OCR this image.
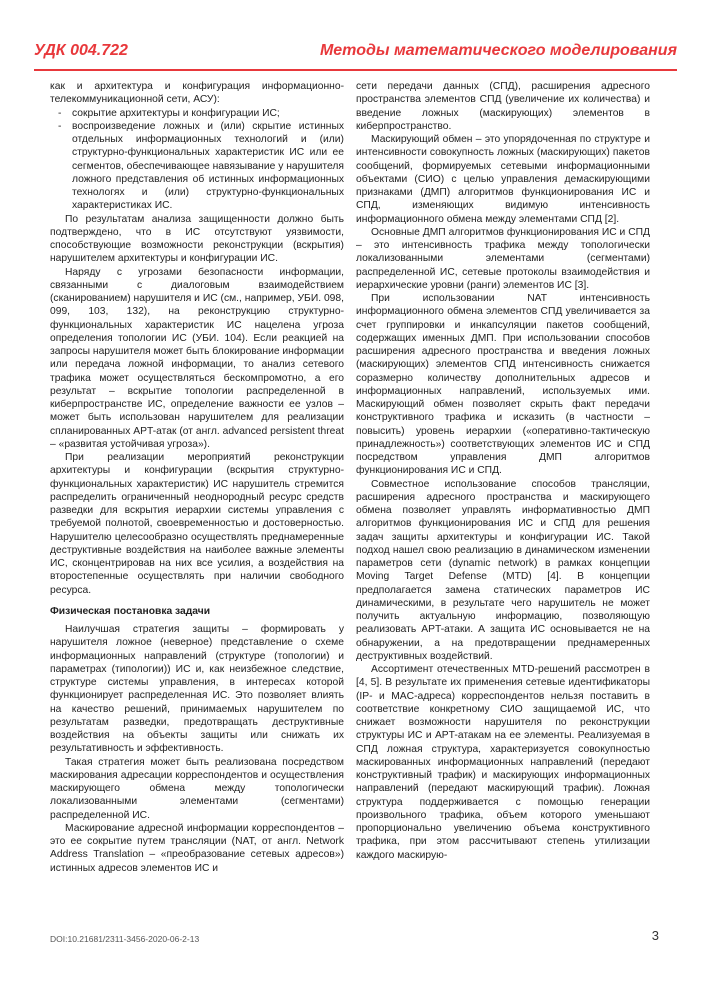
УДК 004.722	Методы математического моделирования

как и архитектура и конфигурация информационно-телекоммуникационной сети, АСУ):

- сокрытие архитектуры и конфигурации ИС;
- воспроизведение ложных и (или) скрытие истинных отдельных информационных технологий и (или) структурно-функциональных характеристик ИС или ее сегментов, обеспечивающее навязывание у нарушителя ложного представления об истинных информационных технологях и (или) структурно-функциональных характеристиках ИС.

По результатам анализа защищенности должно быть подтверждено, что в ИС отсутствуют уязвимости, способствующие возможности реконструкции (вскрытия) нарушителем архитектуры и конфигурации ИС.

Наряду с угрозами безопасности информации, связанными с диалоговым взаимодействием (сканированием) нарушителя и ИС (см., например, УБИ. 098, 099, 103, 132), на реконструкцию структурно-функциональных характеристик ИС нацелена угроза определения топологии ИС (УБИ. 104). Если реакцией на запросы нарушителя может быть блокирование информации или передача ложной информации, то анализ сетевого трафика может осуществляться бескомпромотно, а его результат – вскрытие топологии распределенной в киберпространстве ИС, определение важности ее узлов – может быть использован нарушителем для реализации спланированных APT-атак (от англ. advanced persistent threat – «развитая устойчивая угроза»).

При реализации мероприятий реконструкции архитектуры и конфигурации (вскрытия структурно-функциональных характеристик) ИС нарушитель стремится распределить ограниченный неоднородный ресурс средств разведки для вскрытия иерархии системы управления с требуемой полнотой, своевременностью и достоверностью. Нарушителю целесообразно осуществлять преднамеренные деструктивные воздействия на наиболее важные элементы ИС, сконцентрировав на них все усилия, а воздействия на второстепенные осуществлять при наличии свободного ресурса.

Физическая постановка задачи

Наилучшая стратегия защиты – формировать у нарушителя ложное (неверное) представление о схеме информационных направлений (структуре (топологии) и параметрах (типологии)) ИС и, как неизбежное следствие, структуре системы управления, в интересах которой функционирует распределенная ИС. Это позволяет влиять на качество решений, принимаемых нарушителем по результатам разведки, предотвращать деструктивные воздействия на объекты защиты или снижать их результативность и эффективность.

Такая стратегия может быть реализована посредством маскирования адресации корреспондентов и осуществления маскирующего обмена между топологически локализованными элементами (сегментами) распределенной ИС.

Маскирование адресной информации корреспондентов – это ее сокрытие путем трансляции (NAT, от англ. Network Address Translation – «преобразование сетевых адресов») истинных адресов элементов ИС и

сети передачи данных (СПД), расширения адресного пространства элементов СПД (увеличение их количества) и введение ложных (маскирующих) элементов в киберпространство.

Маскирующий обмен – это упорядоченная по структуре и интенсивности совокупность ложных (маскирующих) пакетов сообщений, формируемых сетевыми информационными объектами (СИО) с целью управления демаскирующими признаками (ДМП) алгоритмов функционирования ИС и СПД, изменяющих видимую интенсивность информационного обмена между элементами СПД [2].

Основные ДМП алгоритмов функционирования ИС и СПД – это интенсивность трафика между топологически локализованными элементами (сегментами) распределенной ИС, сетевые протоколы взаимодействия и иерархические уровни (ранги) элементов ИС [3].

При использовании NAT интенсивность информационного обмена элементов СПД увеличивается за счет группировки и инкапсуляции пакетов сообщений, содержащих именных ДМП. При использовании способов расширения адресного пространства и введения ложных (маскирующих) элементов СПД интенсивность снижается соразмерно количеству дополнительных адресов и информационных направлений, используемых ими. Маскирующий обмен позволяет скрыть факт передачи конструктивного трафика и исказить (в частности – повысить) уровень иерархии («оперативно-тактическую принадлежность») соответствующих элементов ИС и СПД посредством управления ДМП алгоритмов функционирования ИС и СПД.

Совместное использование способов трансляции, расширения адресного пространства и маскирующего обмена позволяет управлять информативностью ДМП алгоритмов функционирования ИС и СПД для решения задач защиты архитектуры и конфигурации ИС. Такой подход нашел свою реализацию в динамическом изменении параметров сети (dynamic network) в рамках концепции Moving Target Defense (MTD) [4]. В концепции предполагается замена статических параметров ИС динамическими, в результате чего нарушитель не может получить актуальную информацию, позволяющую реализовать APT-атаки. А защита ИС основывается не на обнаружении, а на предотвращении преднамеренных деструктивных воздействий.

Ассортимент отечественных MTD-решений рассмотрен в [4, 5]. В результате их применения сетевые идентификаторы (IP- и MAC-адреса) корреспондентов нельзя поставить в соответствие конкретному СИО защищаемой ИС, что снижает возможности нарушителя по реконструкции структуры ИС и APT-атакам на ее элементы. Реализуемая в СПД ложная структура, характеризуется совокупностью маскированных информационных направлений (передают конструктивный трафик) и маскирующих информационных направлений (передают маскирующий трафик). Ложная структура поддерживается с помощью генерации произвольного трафика, объем которого уменьшают пропорционально увеличению объема конструктивного трафика, при этом рассчитывают степень утилизации каждого маскирую-

DOI:10.21681/2311-3456-2020-06-2-13	3
